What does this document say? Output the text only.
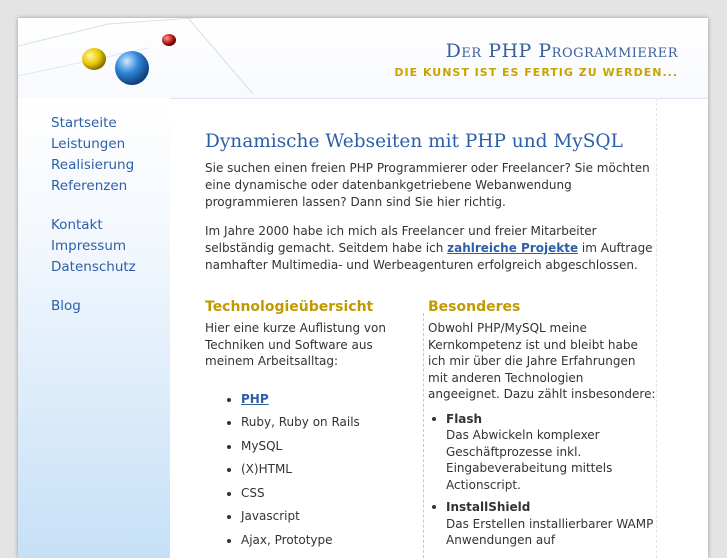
Der PHP Programmierer
DIE KUNST IST ES FERTIG ZU WERDEN...
Startseite
Leistungen
Realisierung
Referenzen
Kontakt
Impressum
Datenschutz
Blog
Dynamische Webseiten mit PHP und MySQL

Sie suchen einen freien PHP Programmierer oder Freelancer? Sie möchten eine dynamische oder datenbankgetriebene Webanwendung programmieren lassen? Dann sind Sie hier richtig.

Im Jahre 2000 habe ich mich als Freelancer und freier Mitarbeiter selbständig gemacht. Seitdem habe ich zahlreiche Projekte im Auftrage namhafter Multimedia- und Werbeagenturen erfolgreich abgeschlossen.

Technologieübersicht

Hier eine kurze Auflistung von Techniken und Software aus meinem Arbeitsalltag:

PHP
Ruby, Ruby on Rails
MySQL
(X)HTML
CSS
Javascript
Ajax, Prototype
Besonderes

Obwohl PHP/MySQL meine Kernkompetenz ist und bleibt habe ich mir über die Jahre Erfahrungen mit anderen Technologien angeeignet. Dazu zählt insbesondere:

Flash
Das Abwickeln komplexer Geschäftprozesse inkl. Eingabeverabeitung mittels Actionscript.
InstallShield
Das Erstellen installierbarer WAMP Anwendungen auf
